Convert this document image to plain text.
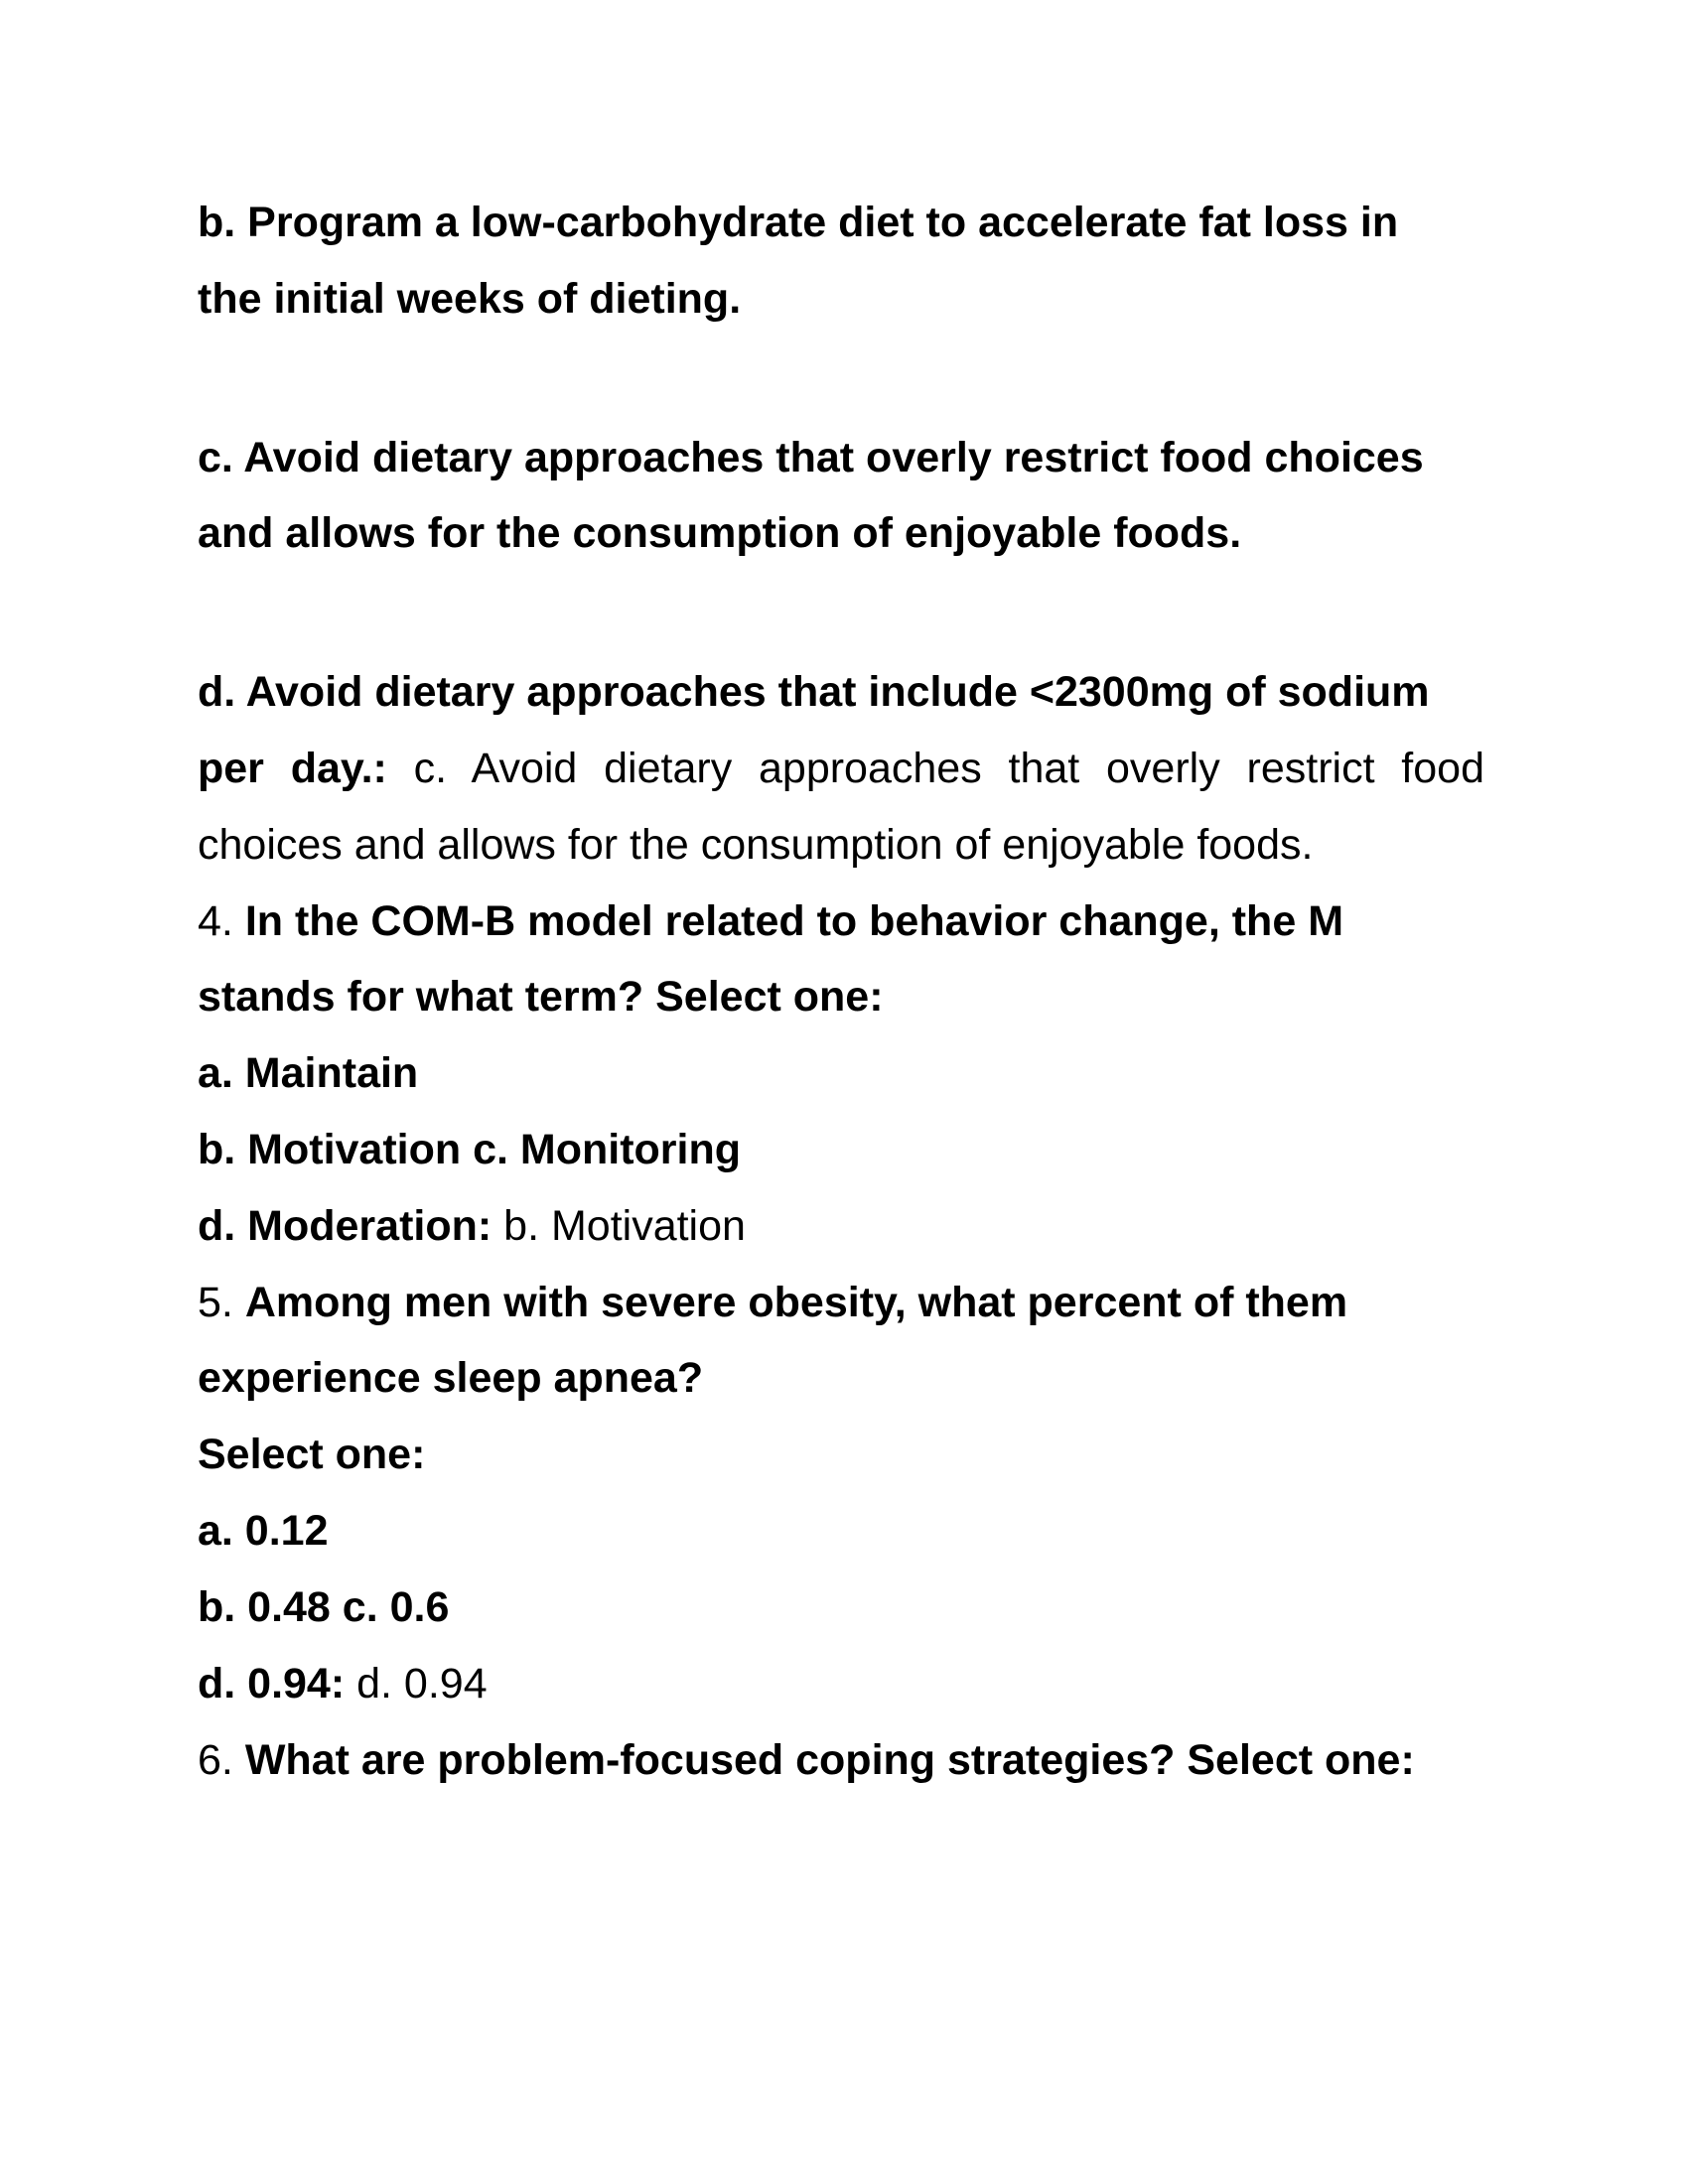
b. Program a low-carbohydrate diet to accelerate fat loss in
the initial weeks of dieting.
c. Avoid dietary approaches that overly restrict food choices
and allows for the consumption of enjoyable foods.
d. Avoid dietary approaches that include <2300mg of sodium
per day.: c. Avoid dietary approaches that overly restrict food
choices and allows for the consumption of enjoyable foods.
4. In the COM-B model related to behavior change, the M
stands for what term? Select one:
a. Maintain
b. Motivation c. Monitoring
d. Moderation: b. Motivation
5. Among men with severe obesity, what percent of them
experience sleep apnea?
Select one:
a. 0.12
b. 0.48 c. 0.6
d. 0.94: d. 0.94
6. What are problem-focused coping strategies? Select one:
